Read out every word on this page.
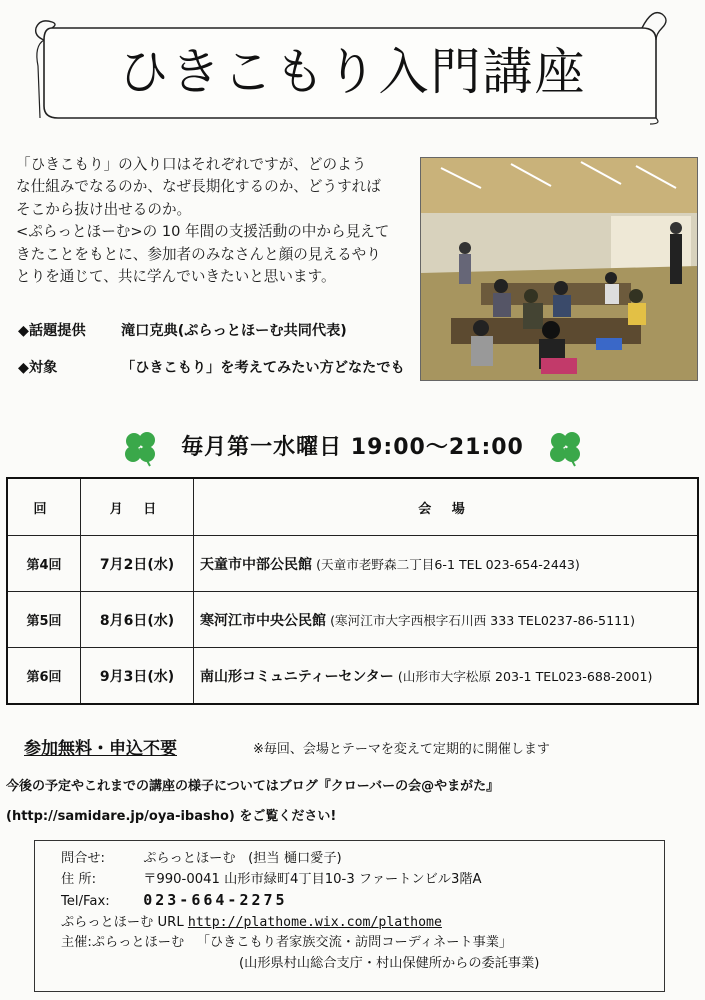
ひきこもり入門講座

「ひきこもり」の入り口はそれぞれですが、どのよう

な仕組みでなるのか、なぜ長期化するのか、どうすれば

そこから抜け出せるのか。

<ぷらっとほーむ>の 10 年間の支援活動の中から見えて

きたことをもとに、参加者のみなさんと顔の見えるやり

とりを通じて、共に学んでいきたいと思います。

◆話題提供 滝口克典(ぷらっとほーむ共同代表)
◆対象	「ひきこもり」を考えてみたい方どなたでも
毎月第一水曜日 19:00〜21:00
回	月 日	会 場
第4回	7月2日(水)	天童市中部公民館 (天童市老野森二丁目6-1 TEL 023-654-2443)
第5回	8月6日(水)	寒河江市中央公民館 (寒河江市大字西根字石川西 333 TEL0237-86-5111)
第6回	9月3日(水)	南山形コミュニティーセンター (山形市大字松原 203-1 TEL023-688-2001)
参加無料・申込不要	※毎回、会場とテーマを変えて定期的に開催します
今後の予定やこれまでの講座の様子についてはブログ『クローバーの会@やまがた』
(http://samidare.jp/oya-ibasho) をご覧ください!
問合せ:	ぷらっとほーむ (担当 樋口愛子)
住 所:	〒990-0041 山形市緑町4丁目10-3 ファートンビル3階A
Tel/Fax: 023-664-2275
ぷらっとほーむ URL http://plathome.wix.com/plathome
主催:ぷらっとほーむ 「ひきこもり者家族交流・訪問コーディネート事業」
(山形県村山総合支庁・村山保健所からの委託事業)
